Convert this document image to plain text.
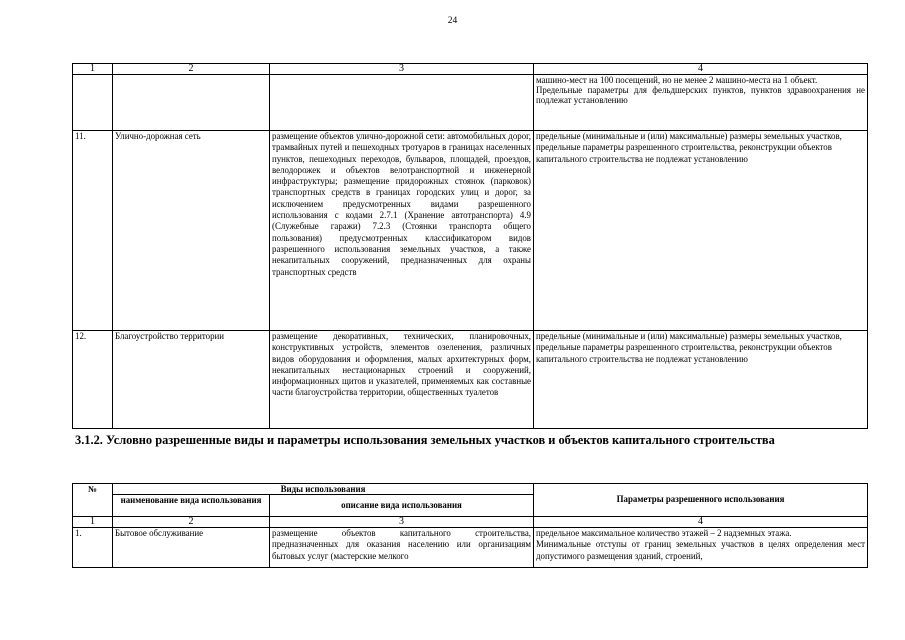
24
1	2	3	4

			машино-мест на 100 посещений, но не менее 2 машино-места на 1 объект.
Предельные параметры для фельдшерских пунктов, пунктов здравоохранения не подлежат установлению

11.	Улично-дорожная сеть	размещение объектов улично-дорожной сети: автомобильных дорог, трамвайных путей и пешеходных тротуаров в границах населенных пунктов, пешеходных переходов, бульваров, площадей, проездов, велодорожек и объектов велотранспортной и инженерной инфраструктуры; размещение придорожных стоянок (парковок) транспортных средств в границах городских улиц и дорог, за исключением предусмотренных видами разрешенного использования с кодами 2.7.1 (Хранение автотранспорта) 4.9 (Служебные гаражи) 7.2.3 (Стоянки транспорта общего пользования) предусмотренных классификатором видов разрешенного использования земельных участков, а также некапитальных сооружений, предназначенных для охраны транспортных средств	предельные (минимальные и (или) максимальные) размеры земельных участков, предельные параметры разрешенного строительства, реконструкции объектов капитального строительства не подлежат установлению
12.	Благоустройство территории	размещение декоративных, технических, планировочных, конструктивных устройств, элементов озеленения, различных видов оборудования и оформления, малых архитектурных форм, некапитальных нестационарных строений и сооружений, информационных щитов и указателей, применяемых как составные части благоустройства территории, общественных туалетов	предельные (минимальные и (или) максимальные) размеры земельных участков, предельные параметры разрешенного строительства, реконструкции объектов капитального строительства не подлежат установлению
3.1.2. Условно разрешенные виды и параметры использования земельных участков и объектов капитального строительства
№	Виды использования		Параметры разрешенного использования
	наименование вида использования	описание вида использования	
1	2	3	4
1.	Бытовое обслуживание	размещение объектов капитального строительства, предназначенных для оказания населению или организациям бытовых услуг (мастерские мелкого	предельное максимальное количество этажей – 2 надземных этажа.
Минимальные отступы от границ земельных участков в целях определения мест допустимого размещения зданий, строений,
